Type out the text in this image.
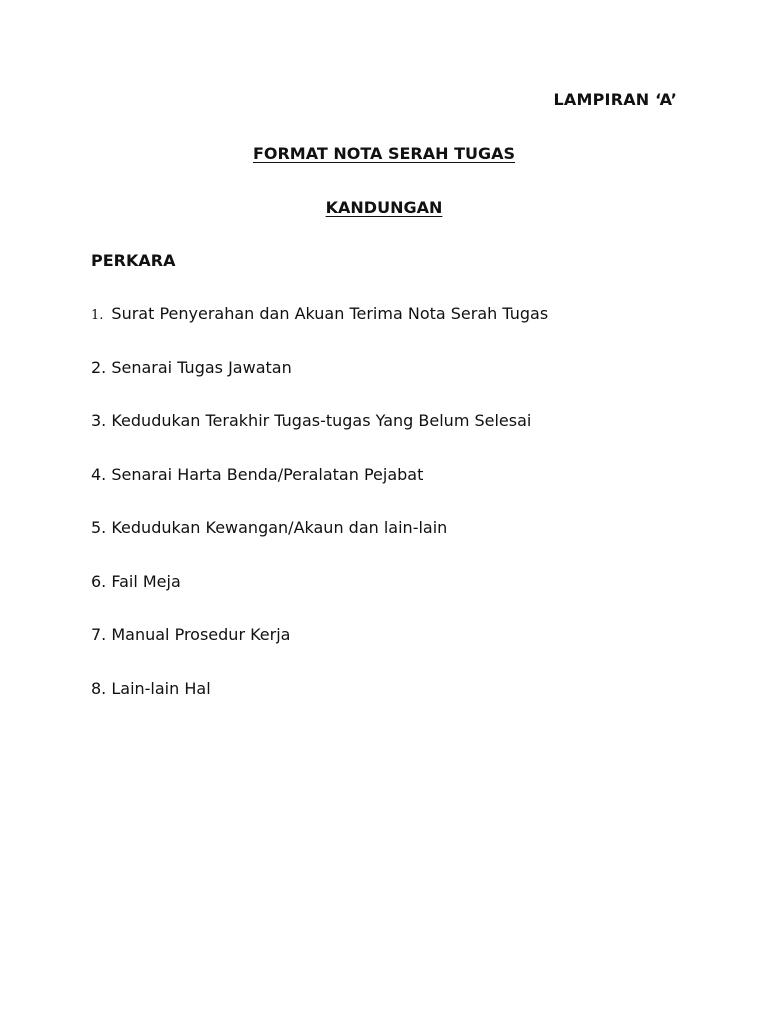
LAMPIRAN ‘A’
FORMAT NOTA SERAH TUGAS
KANDUNGAN
PERKARA
1. Surat Penyerahan dan Akuan Terima Nota Serah Tugas
2. Senarai Tugas Jawatan
3. Kedudukan Terakhir Tugas-tugas Yang Belum Selesai
4. Senarai Harta Benda/Peralatan Pejabat
5. Kedudukan Kewangan/Akaun dan lain-lain
6. Fail Meja
7. Manual Prosedur Kerja
8. Lain-lain Hal
